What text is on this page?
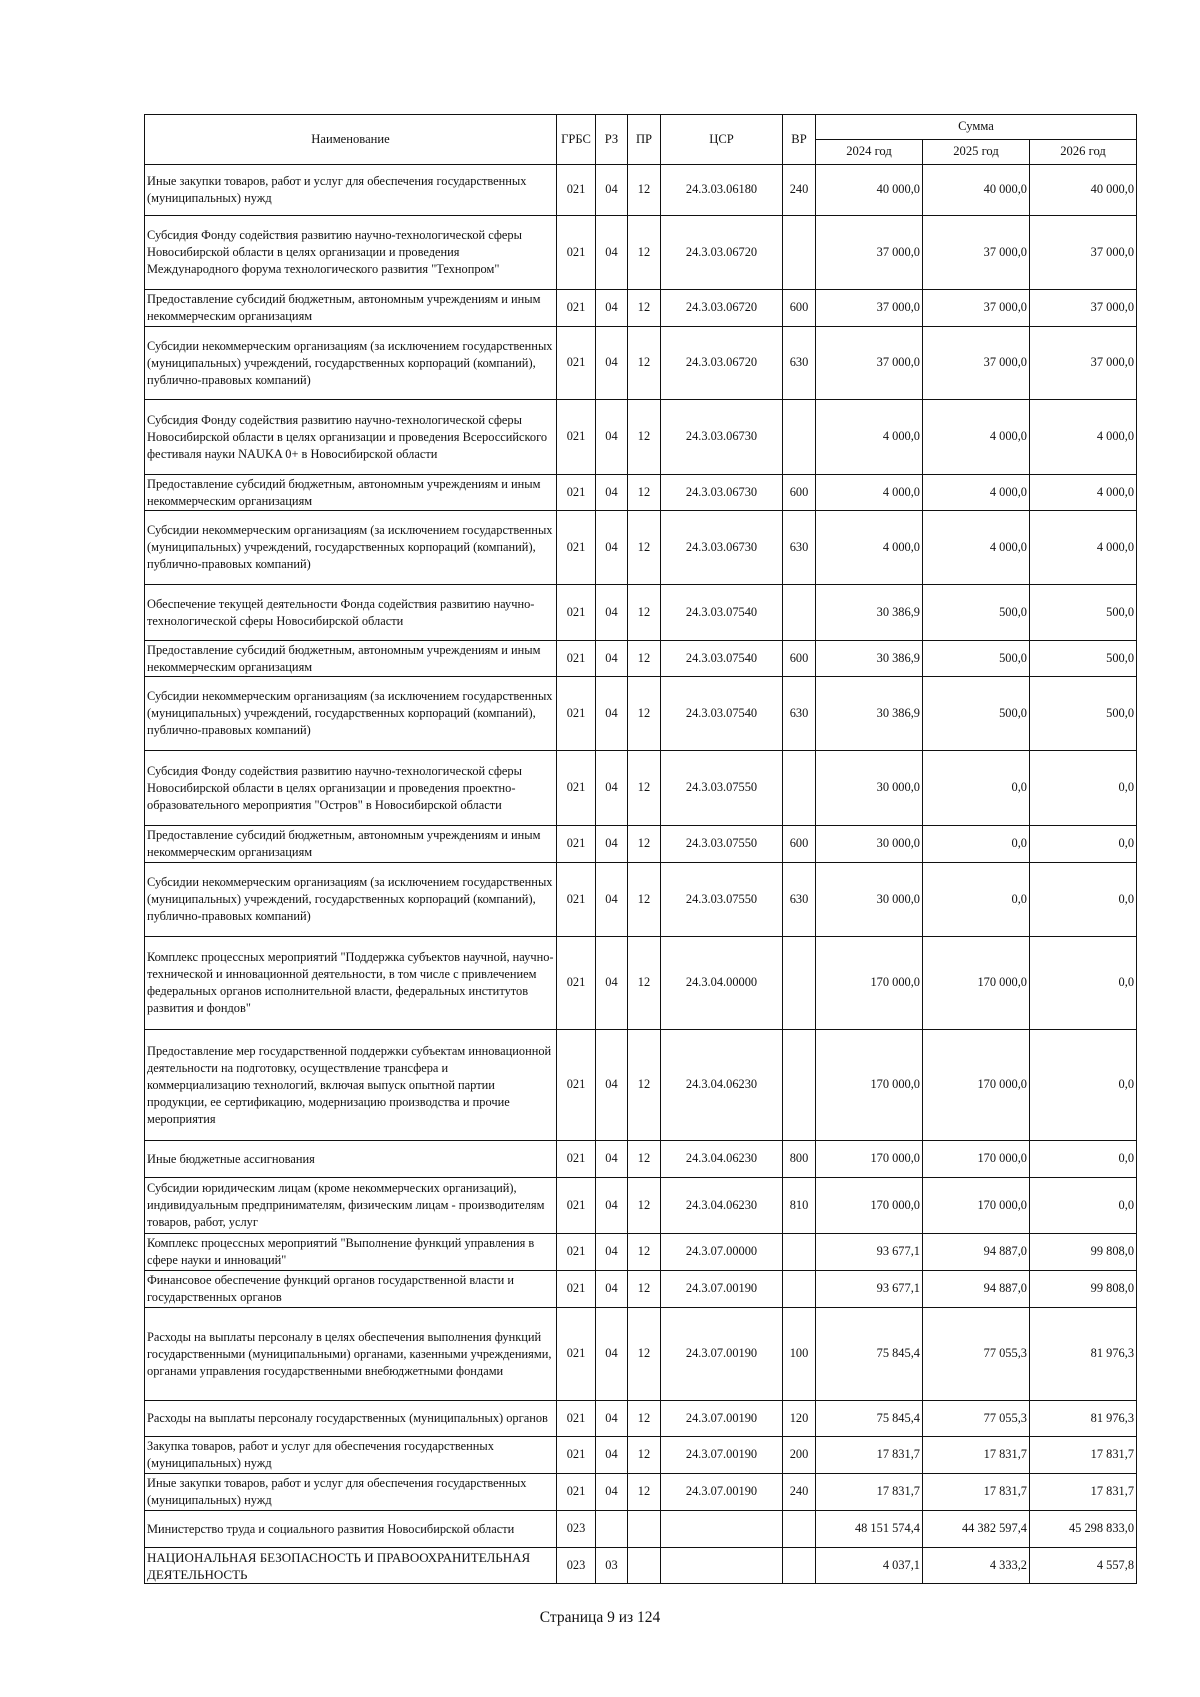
Наименование	ГРБС	РЗ	ПР	ЦСР	ВР	Сумма		
						2024 год	2025 год	2026 год
Иные закупки товаров, работ и услуг для обеспечения государственных (муниципальных) нужд	021	04	12	24.3.03.06180	240	40 000,0	40 000,0	40 000,0
Субсидия Фонду содействия развитию научно-технологической сферы Новосибирской области в целях организации и проведения Международного форума технологического развития "Технопром"	021	04	12	24.3.03.06720		37 000,0	37 000,0	37 000,0
Предоставление субсидий бюджетным, автономным учреждениям и иным некоммерческим организациям	021	04	12	24.3.03.06720	600	37 000,0	37 000,0	37 000,0
Субсидии некоммерческим организациям (за исключением государственных (муниципальных) учреждений, государственных корпораций (компаний), публично-правовых компаний)	021	04	12	24.3.03.06720	630	37 000,0	37 000,0	37 000,0
Субсидия Фонду содействия развитию научно-технологической сферы Новосибирской области в целях организации и проведения Всероссийского фестиваля науки NAUKA 0+ в Новосибирской области	021	04	12	24.3.03.06730		4 000,0	4 000,0	4 000,0
Предоставление субсидий бюджетным, автономным учреждениям и иным некоммерческим организациям	021	04	12	24.3.03.06730	600	4 000,0	4 000,0	4 000,0
Субсидии некоммерческим организациям (за исключением государственных (муниципальных) учреждений, государственных корпораций (компаний), публично-правовых компаний)	021	04	12	24.3.03.06730	630	4 000,0	4 000,0	4 000,0
Обеспечение текущей деятельности Фонда содействия развитию научно-технологической сферы Новосибирской области	021	04	12	24.3.03.07540		30 386,9	500,0	500,0
Предоставление субсидий бюджетным, автономным учреждениям и иным некоммерческим организациям	021	04	12	24.3.03.07540	600	30 386,9	500,0	500,0
Субсидии некоммерческим организациям (за исключением государственных (муниципальных) учреждений, государственных корпораций (компаний), публично-правовых компаний)	021	04	12	24.3.03.07540	630	30 386,9	500,0	500,0
Субсидия Фонду содействия развитию научно-технологической сферы Новосибирской области в целях организации и проведения проектно-образовательного мероприятия "Остров" в Новосибирской области	021	04	12	24.3.03.07550		30 000,0	0,0	0,0
Предоставление субсидий бюджетным, автономным учреждениям и иным некоммерческим организациям	021	04	12	24.3.03.07550	600	30 000,0	0,0	0,0
Субсидии некоммерческим организациям (за исключением государственных (муниципальных) учреждений, государственных корпораций (компаний), публично-правовых компаний)	021	04	12	24.3.03.07550	630	30 000,0	0,0	0,0
Комплекс процессных мероприятий "Поддержка субъектов научной, научно-технической и инновационной деятельности, в том числе с привлечением федеральных органов исполнительной власти, федеральных институтов развития и фондов"	021	04	12	24.3.04.00000		170 000,0	170 000,0	0,0
Предоставление мер государственной поддержки субъектам инновационной деятельности на подготовку, осуществление трансфера и коммерциализацию технологий, включая выпуск опытной партии продукции, ее сертификацию, модернизацию производства и прочие мероприятия	021	04	12	24.3.04.06230		170 000,0	170 000,0	0,0
Иные бюджетные ассигнования	021	04	12	24.3.04.06230	800	170 000,0	170 000,0	0,0
Субсидии юридическим лицам (кроме некоммерческих организаций), индивидуальным предпринимателям, физическим лицам - производителям товаров, работ, услуг	021	04	12	24.3.04.06230	810	170 000,0	170 000,0	0,0
Комплекс процессных мероприятий "Выполнение функций управления в сфере науки и инноваций"	021	04	12	24.3.07.00000		93 677,1	94 887,0	99 808,0
Финансовое обеспечение функций органов государственной власти и государственных органов	021	04	12	24.3.07.00190		93 677,1	94 887,0	99 808,0
Расходы на выплаты персоналу в целях обеспечения выполнения функций государственными (муниципальными) органами, казенными учреждениями, органами управления государственными внебюджетными фондами	021	04	12	24.3.07.00190	100	75 845,4	77 055,3	81 976,3
Расходы на выплаты персоналу государственных (муниципальных) органов	021	04	12	24.3.07.00190	120	75 845,4	77 055,3	81 976,3
Закупка товаров, работ и услуг для обеспечения государственных (муниципальных) нужд	021	04	12	24.3.07.00190	200	17 831,7	17 831,7	17 831,7
Иные закупки товаров, работ и услуг для обеспечения государственных (муниципальных) нужд	021	04	12	24.3.07.00190	240	17 831,7	17 831,7	17 831,7
Министерство труда и социального развития Новосибирской области	023					48 151 574,4	44 382 597,4	45 298 833,0
НАЦИОНАЛЬНАЯ БЕЗОПАСНОСТЬ И ПРАВООХРАНИТЕЛЬНАЯ ДЕЯТЕЛЬНОСТЬ	023	03				4 037,1	4 333,2	4 557,8
Страница 9 из 124
